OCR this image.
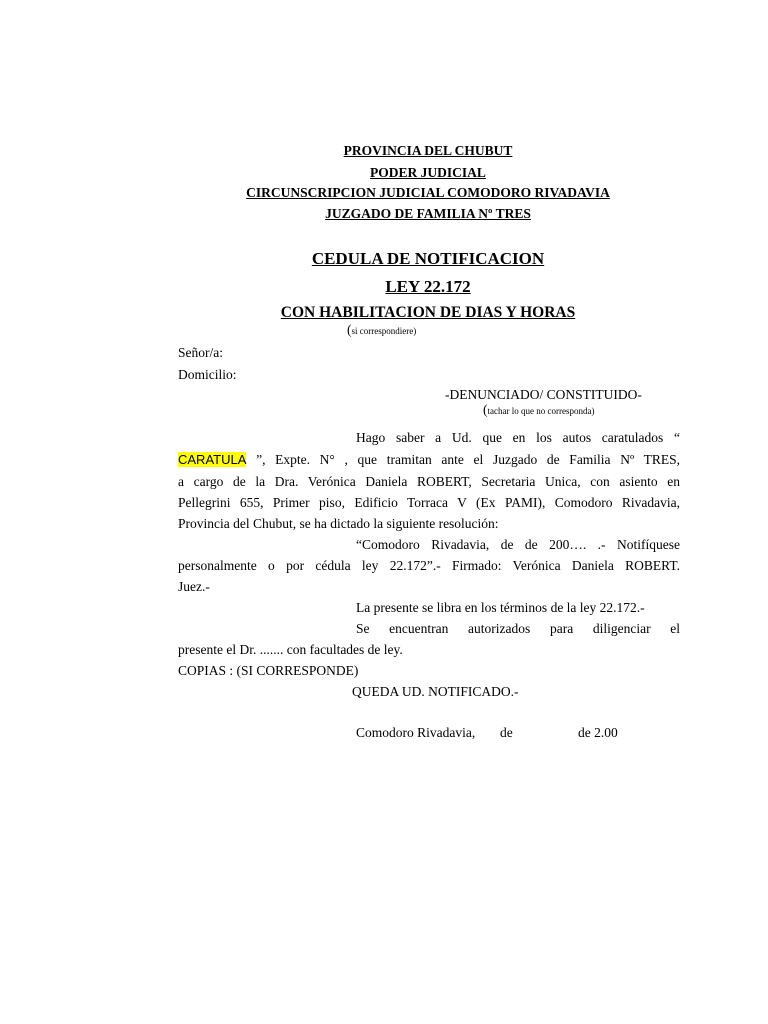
PROVINCIA DEL CHUBUT
PODER JUDICIAL
CIRCUNSCRIPCION JUDICIAL COMODORO RIVADAVIA
JUZGADO DE FAMILIA Nº TRES
CEDULA DE NOTIFICACION
LEY 22.172
CON HABILITACION DE DIAS Y HORAS
(si correspondiere)
Señor/a:
Domicilio:
-DENUNCIADO/ CONSTITUIDO-
(tachar lo que no corresponda)
Hago saber a Ud. que en los autos caratulados “
CARATULA ”, Expte. N° , que tramitan ante el Juzgado de Familia Nº TRES,
a cargo de la Dra. Verónica Daniela ROBERT, Secretaria Unica, con asiento en
Pellegrini 655, Primer piso, Edificio Torraca V (Ex PAMI), Comodoro Rivadavia,
Provincia del Chubut, se ha dictado la siguiente resolución:
“Comodoro Rivadavia, de de 200…. .- Notifíquese
personalmente o por cédula ley 22.172”.- Firmado: Verónica Daniela ROBERT.
Juez.-
La presente se libra en los términos de la ley 22.172.-
Se encuentran autorizados para diligenciar el
presente el Dr. ....... con facultades de ley.
COPIAS : (SI CORRESPONDE)
QUEDA UD. NOTIFICADO.-
Comodoro Rivadavia, de	de 2.00
